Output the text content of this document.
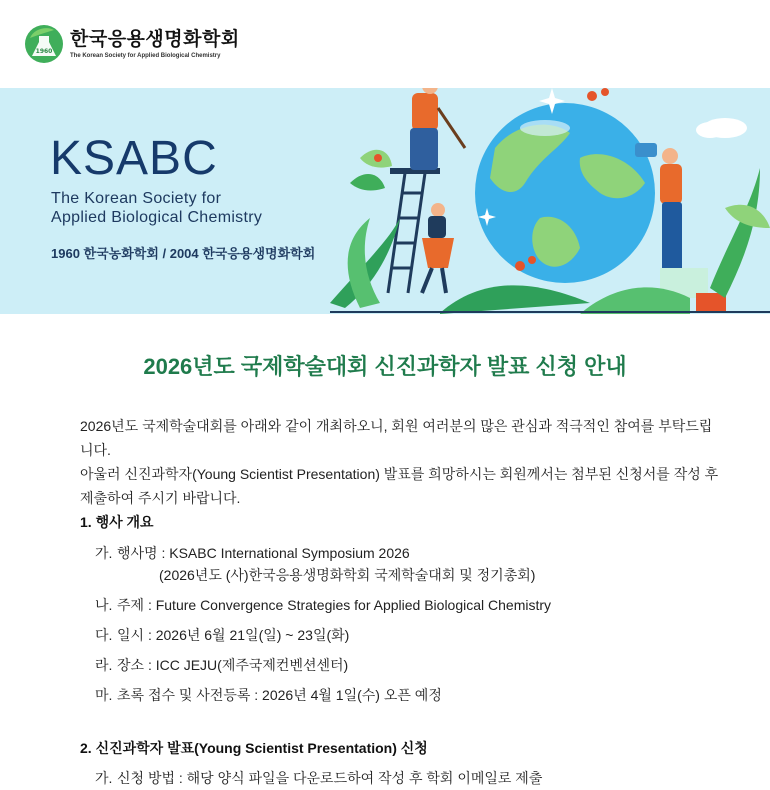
1960
한국응용생명화학회
The Korean Society for Applied Biological Chemistry
KSABC
The Korean Society for
Applied Biological Chemistry
1960 한국농화학회 / 2004 한국응용생명화학회
2026년도 국제학술대회 신진과학자 발표 신청 안내

2026년도 국제학술대회를 아래와 같이 개최하오니, 회원 여러분의 많은 관심과 적극적인 참여를 부탁드립니다.

아울러 신진과학자(Young Scientist Presentation) 발표를 희망하시는 회원께서는 첨부된 신청서를 작성 후

제출하여 주시기 바랍니다.

1. 행사 개요
가. 행사명 : KSABC International Symposium 2026
(2026년도 (사)한국응용생명화학회 국제학술대회 및 정기총회)
나. 주제 : Future Convergence Strategies for Applied Biological Chemistry
다. 일시 : 2026년 6월 21일(일) ~ 23일(화)
라. 장소 : ICC JEJU(제주국제컨벤션센터)
마. 초록 접수 및 사전등록 : 2026년 4월 1일(수) 오픈 예정
2. 신진과학자 발표(Young Scientist Presentation) 신청
가. 신청 방법 : 해당 양식 파일을 다운로드하여 작성 후 학회 이메일로 제출
